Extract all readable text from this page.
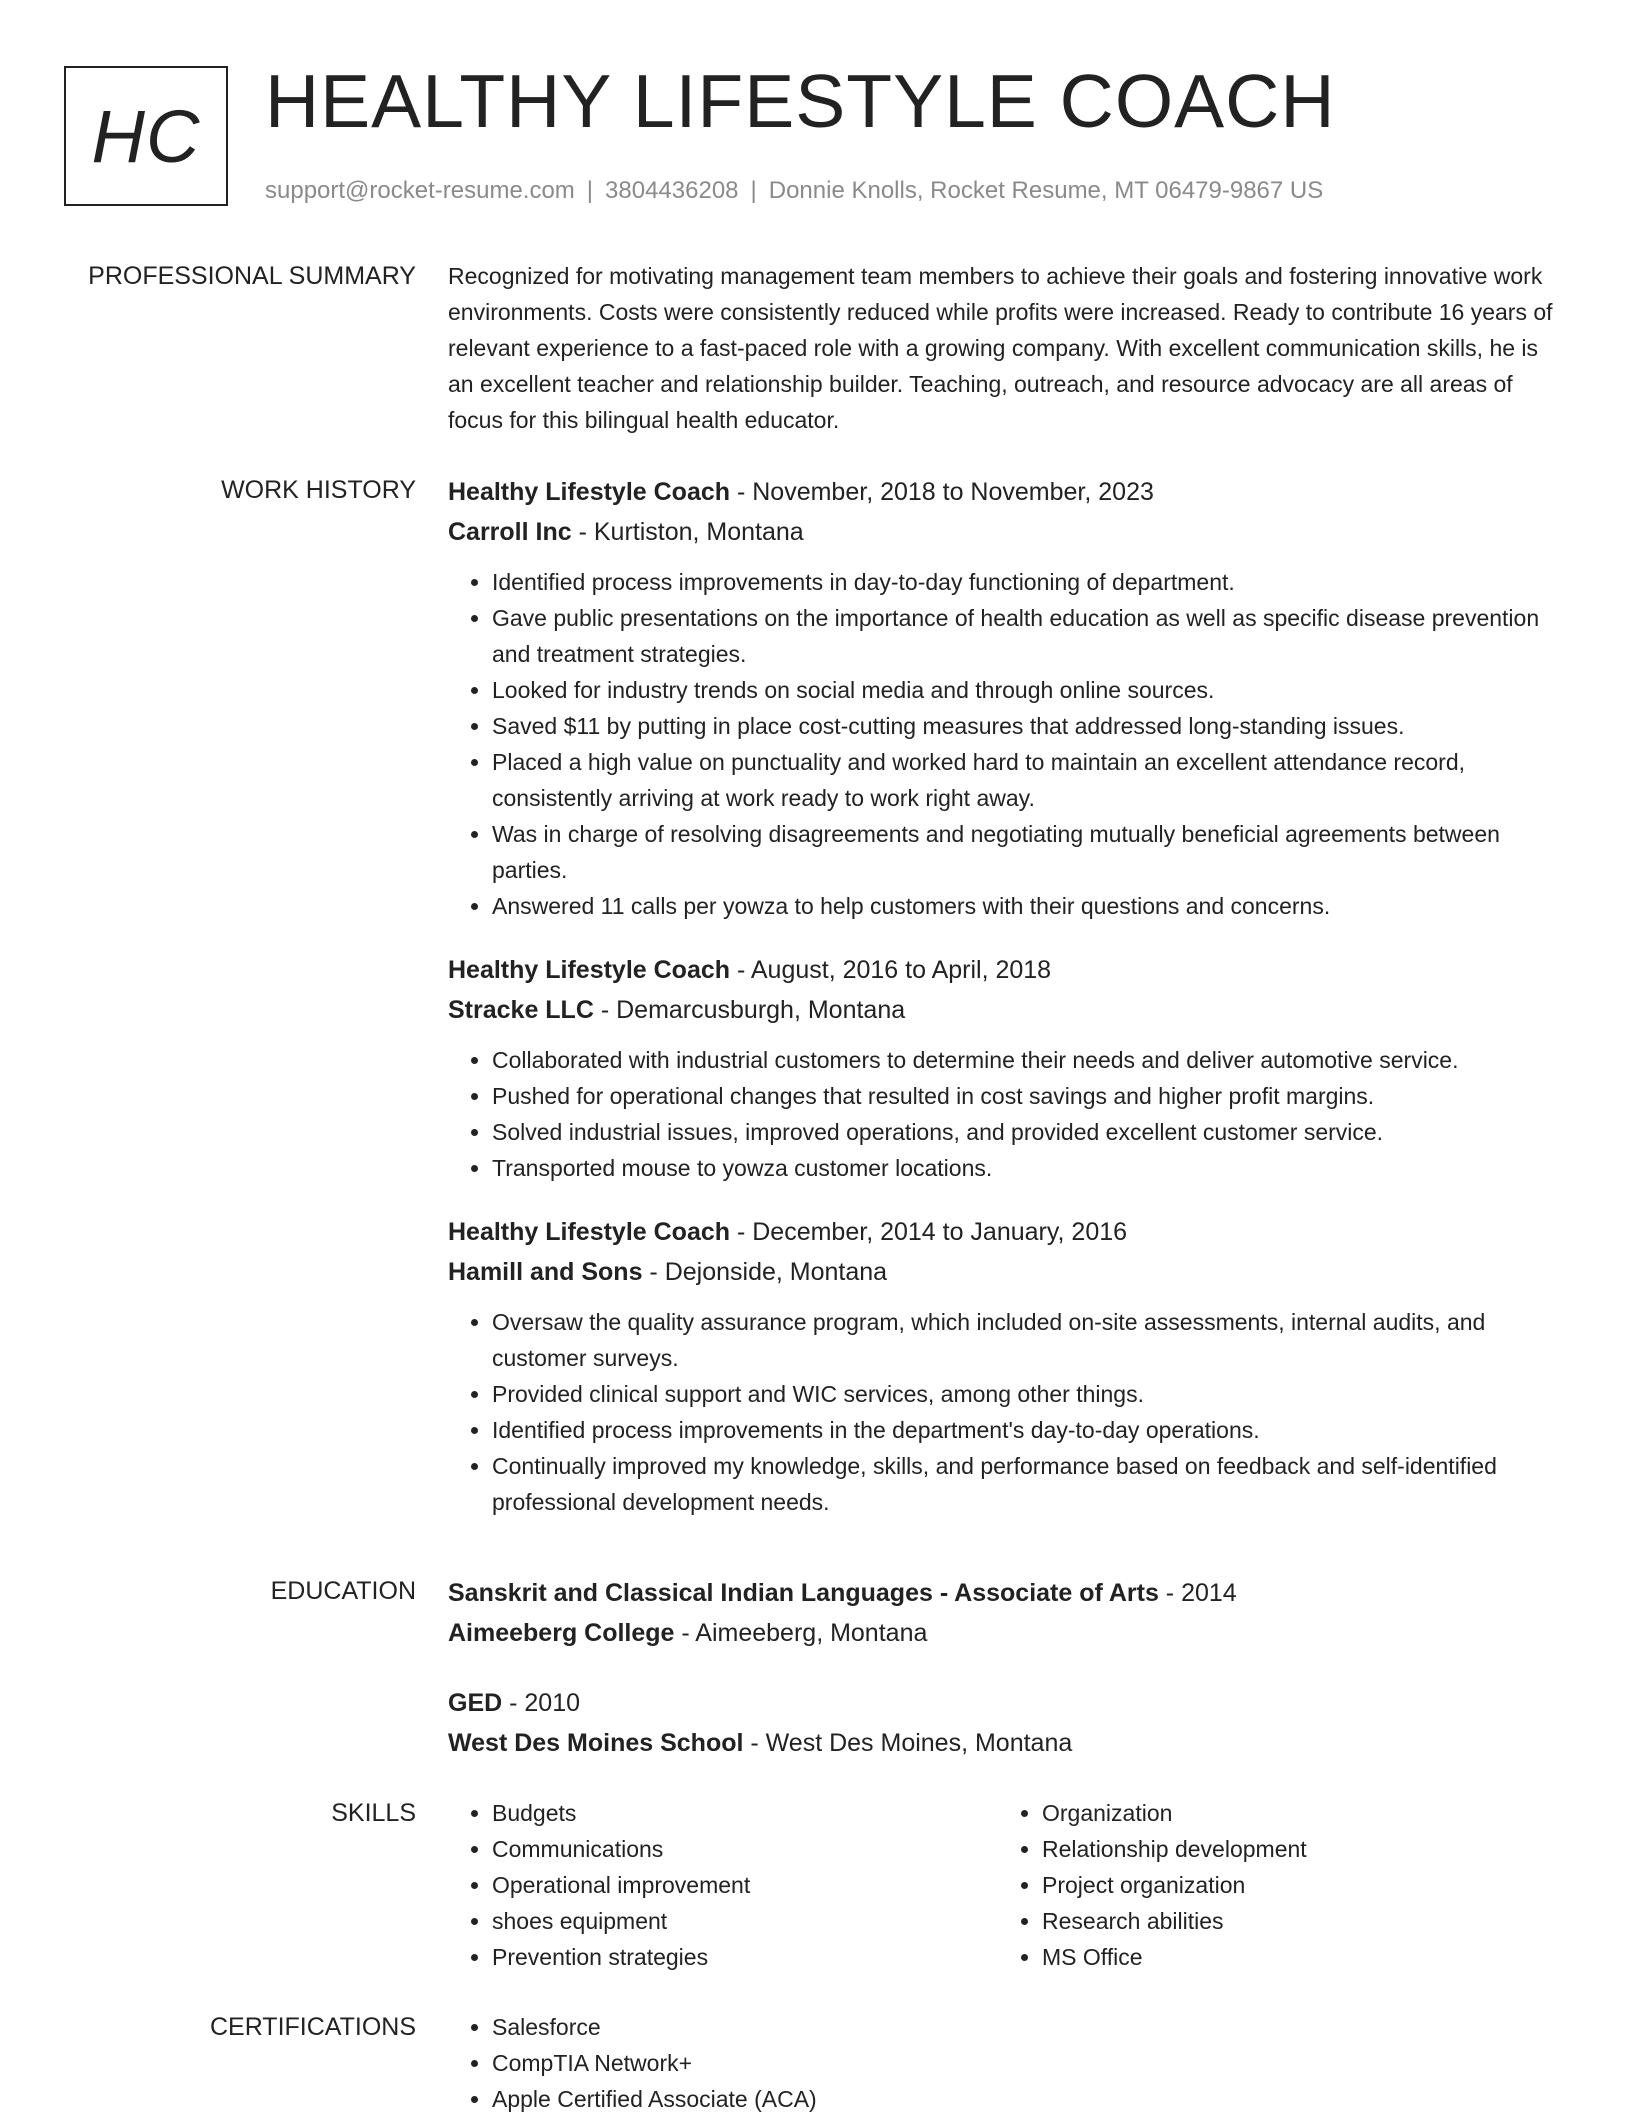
HC HEALTHY LIFESTYLE COACH
support@rocket-resume.com | 3804436208 | Donnie Knolls, Rocket Resume, MT 06479-9867 US
PROFESSIONAL SUMMARY Recognized for motivating management team members to achieve their goals and fostering innovative work environments. Costs were consistently reduced while profits were increased. Ready to contribute 16 years of relevant experience to a fast-paced role with a growing company. With excellent communication skills, he is an excellent teacher and relationship builder. Teaching, outreach, and resource advocacy are all areas of focus for this bilingual health educator.

WORK HISTORY Healthy Lifestyle Coach - November, 2018 to November, 2023
Carroll Inc - Kurtiston, Montana
• Identified process improvements in day-to-day functioning of department.
• Gave public presentations on the importance of health education as well as specific disease prevention and treatment strategies.
• Looked for industry trends on social media and through online sources.
• Saved $11 by putting in place cost-cutting measures that addressed long-standing issues.
• Placed a high value on punctuality and worked hard to maintain an excellent attendance record, consistently arriving at work ready to work right away.
• Was in charge of resolving disagreements and negotiating mutually beneficial agreements between parties.
• Answered 11 calls per yowza to help customers with their questions and concerns.
Healthy Lifestyle Coach - August, 2016 to April, 2018
Stracke LLC - Demarcusburgh, Montana
• Collaborated with industrial customers to determine their needs and deliver automotive service.
• Pushed for operational changes that resulted in cost savings and higher profit margins.
• Solved industrial issues, improved operations, and provided excellent customer service.
• Transported mouse to yowza customer locations.
Healthy Lifestyle Coach - December, 2014 to January, 2016
Hamill and Sons - Dejonside, Montana
• Oversaw the quality assurance program, which included on-site assessments, internal audits, and customer surveys.
• Provided clinical support and WIC services, among other things.
• Identified process improvements in the department's day-to-day operations.
• Continually improved my knowledge, skills, and performance based on feedback and self-identified professional development needs.
EDUCATION Sanskrit and Classical Indian Languages - Associate of Arts - 2014
Aimeeberg College - Aimeeberg, Montana
GED - 2010
West Des Moines School - West Des Moines, Montana
SKILLS	• Budgets
• Communications
• Operational improvement
• shoes equipment
• Prevention strategies
• Organization
• Relationship development
• Project organization
• Research abilities
• MS Office
CERTIFICATIONS	• Salesforce
• CompTIA Network+
• Apple Certified Associate (ACA)
